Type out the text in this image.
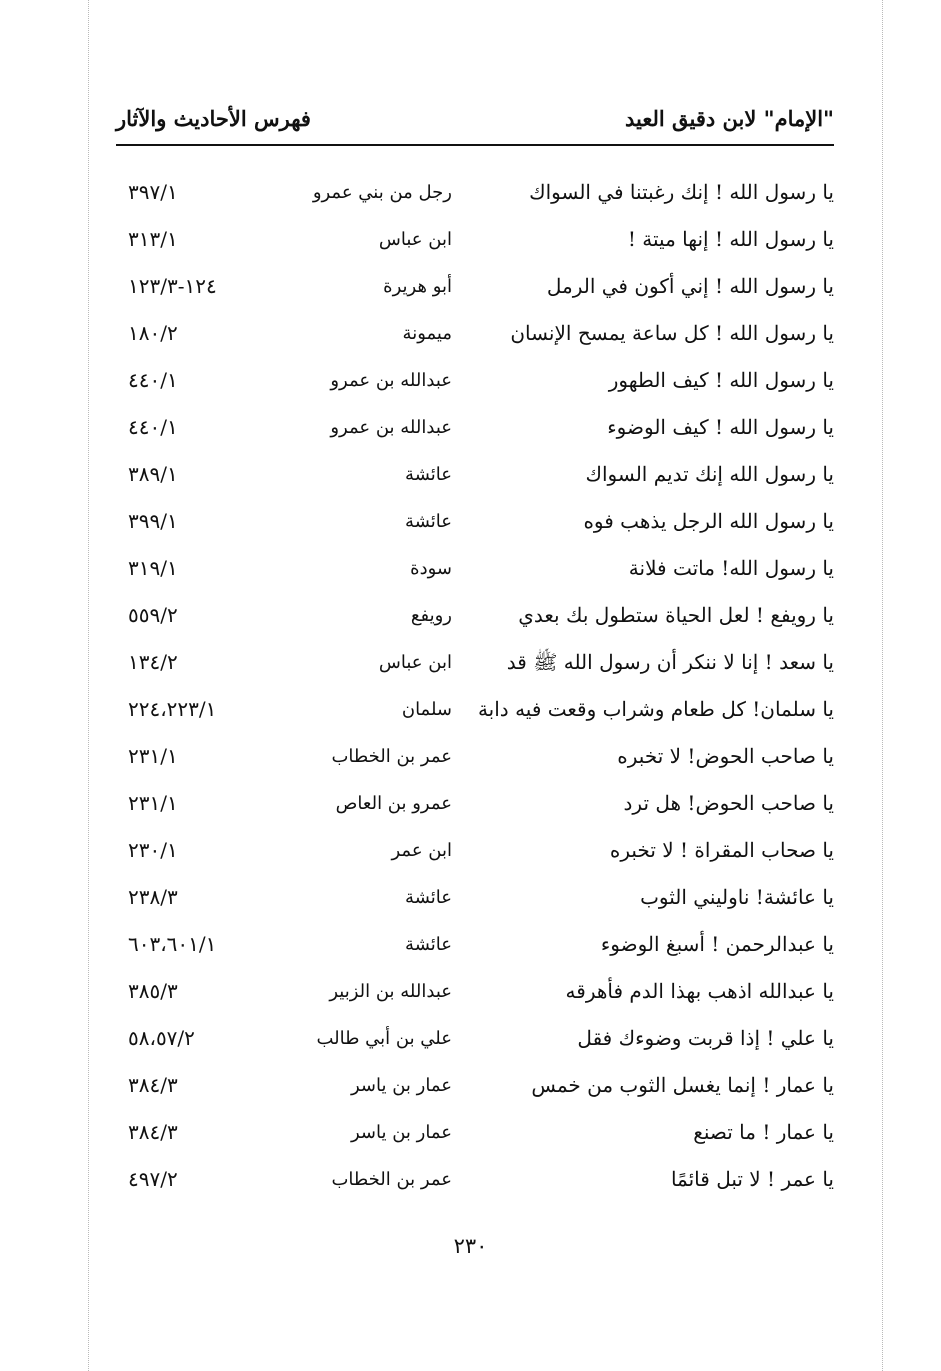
"الإمام" لابن دقيق العيد
فهرس الأحاديث والآثار
يا رسول الله ! إنك رغبتنا في السواك
رجل من بني عمرو
٣٩٧/١
يا رسول الله ! إنها ميتة !
ابن عباس
٣١٣/١
يا رسول الله ! إني أكون في الرمل
أبو هريرة
١٢٤-١٢٣/٣
يا رسول الله ! كل ساعة يمسح الإنسان
ميمونة
١٨٠/٢
يا رسول الله ! كيف الطهور
عبدالله بن عمرو
٤٤٠/١
يا رسول الله ! كيف الوضوء
عبدالله بن عمرو
٤٤٠/١
يا رسول الله إنك تديم السواك
عائشة
٣٨٩/١
يا رسول الله الرجل يذهب فوه
عائشة
٣٩٩/١
يا رسول الله! ماتت فلانة
سودة
٣١٩/١
يا رويفع ! لعل الحياة ستطول بك بعدي
رويفع
٥٥٩/٢
يا سعد ! إنا لا ننكر أن رسول الله ﷺ قد
ابن عباس
١٣٤/٢
يا سلمان! كل طعام وشراب وقعت فيه دابة
سلمان
٢٢٤،٢٢٣/١
يا صاحب الحوض! لا تخبره
عمر بن الخطاب
٢٣١/١
يا صاحب الحوض! هل ترد
عمرو بن العاص
٢٣١/١
يا صحاب المقراة ! لا تخبره
ابن عمر
٢٣٠/١
يا عائشة! ناوليني الثوب
عائشة
٢٣٨/٣
يا عبدالرحمن ! أسبغ الوضوء
عائشة
٦٠٣،٦٠١/١
يا عبدالله اذهب بهذا الدم فأهرقه
عبدالله بن الزبير
٣٨٥/٣
يا علي ! إذا قربت وضوءك فقل
علي بن أبي طالب
٥٨،٥٧/٢
يا عمار ! إنما يغسل الثوب من خمس
عمار بن ياسر
٣٨٤/٣
يا عمار ! ما تصنع
عمار بن ياسر
٣٨٤/٣
يا عمر ! لا تبل قائمًا
عمر بن الخطاب
٤٩٧/٢
٢٣٠
